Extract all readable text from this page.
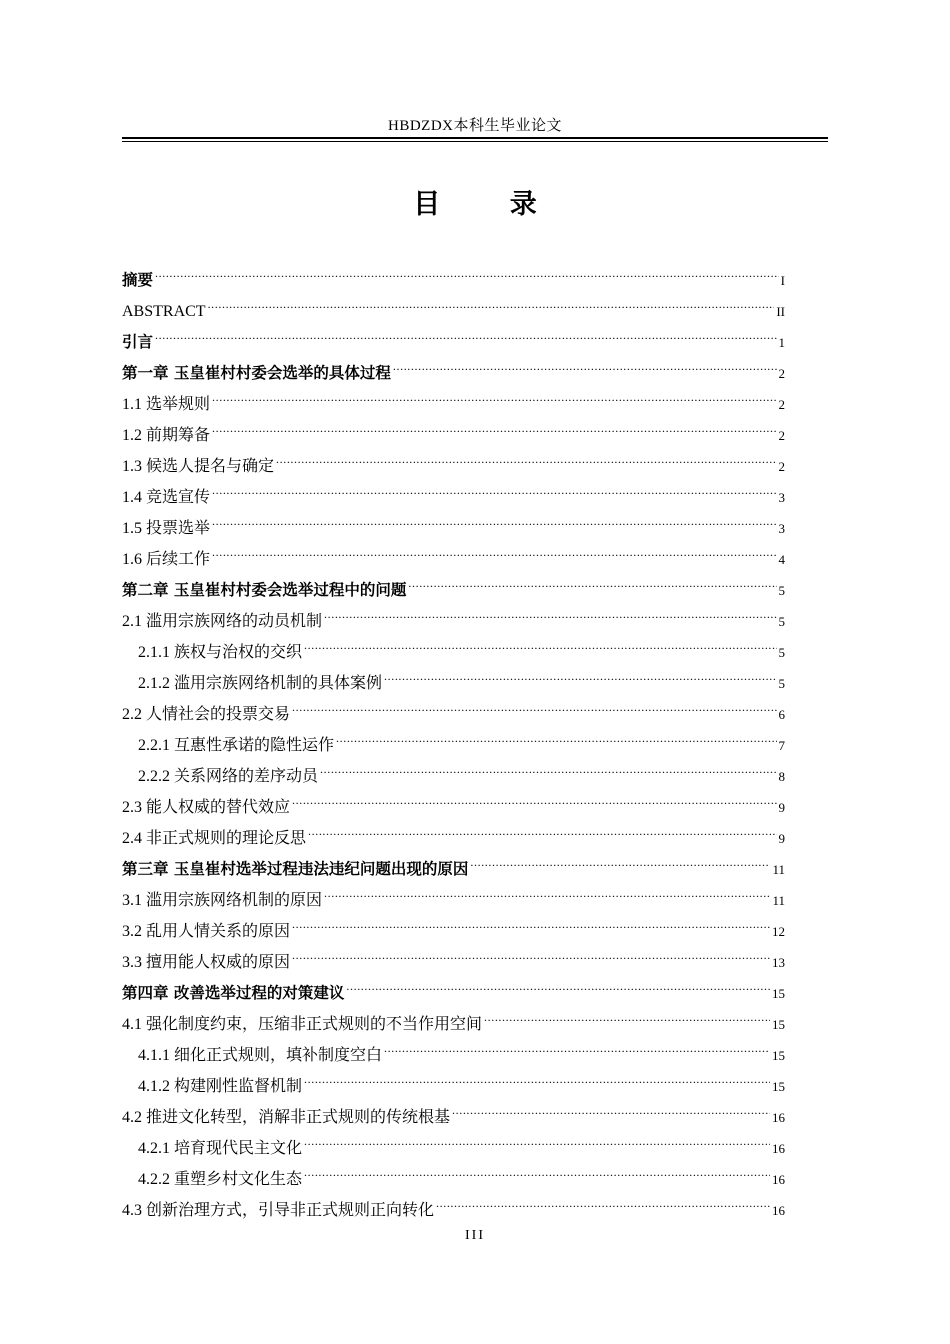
HBDZDX本科生毕业论文
目 录
摘要 .....	I
ABSTRACT .....	II
引言 .....	1
第一章 玉皇崔村村委会选举的具体过程 .....	2
1.1 选举规则 .....	2
1.2 前期筹备 .....	2
1.3 候选人提名与确定 .....	2
1.4 竞选宣传 .....	3
1.5 投票选举 .....	3
1.6 后续工作 .....	4
第二章 玉皇崔村村委会选举过程中的问题 .....	5
2.1 滥用宗族网络的动员机制 .....	5
2.1.1 族权与治权的交织 .....	5
2.1.2 滥用宗族网络机制的具体案例 .....	5
2.2 人情社会的投票交易 .....	6
2.2.1 互惠性承诺的隐性运作 .....	7
2.2.2 关系网络的差序动员 .....	8
2.3 能人权威的替代效应 .....	9
2.4 非正式规则的理论反思 .....	9
第三章 玉皇崔村选举过程违法违纪问题出现的原因 .....	11
3.1 滥用宗族网络机制的原因 .....	11
3.2 乱用人情关系的原因 .....	12
3.3 擅用能人权威的原因 .....	13
第四章 改善选举过程的对策建议 .....	15
4.1 强化制度约束，压缩非正式规则的不当作用空间 .....	15
4.1.1 细化正式规则，填补制度空白 .....	15
4.1.2 构建刚性监督机制 .....	15
4.2 推进文化转型，消解非正式规则的传统根基 .....	16
4.2.1 培育现代民主文化 .....	16
4.2.2 重塑乡村文化生态 .....	16
4.3 创新治理方式，引导非正式规则正向转化 .....	16
III
